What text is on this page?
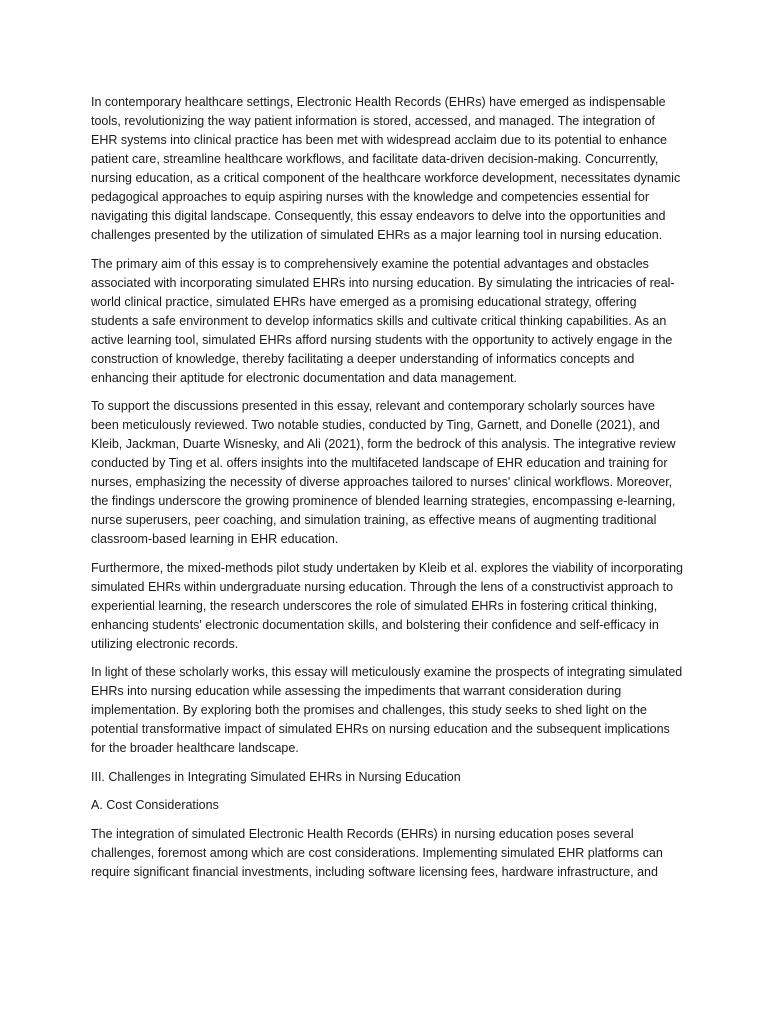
In contemporary healthcare settings, Electronic Health Records (EHRs) have emerged as indispensable tools, revolutionizing the way patient information is stored, accessed, and managed. The integration of EHR systems into clinical practice has been met with widespread acclaim due to its potential to enhance patient care, streamline healthcare workflows, and facilitate data-driven decision-making. Concurrently, nursing education, as a critical component of the healthcare workforce development, necessitates dynamic pedagogical approaches to equip aspiring nurses with the knowledge and competencies essential for navigating this digital landscape. Consequently, this essay endeavors to delve into the opportunities and challenges presented by the utilization of simulated EHRs as a major learning tool in nursing education.

The primary aim of this essay is to comprehensively examine the potential advantages and obstacles associated with incorporating simulated EHRs into nursing education. By simulating the intricacies of real-world clinical practice, simulated EHRs have emerged as a promising educational strategy, offering students a safe environment to develop informatics skills and cultivate critical thinking capabilities. As an active learning tool, simulated EHRs afford nursing students with the opportunity to actively engage in the construction of knowledge, thereby facilitating a deeper understanding of informatics concepts and enhancing their aptitude for electronic documentation and data management.

To support the discussions presented in this essay, relevant and contemporary scholarly sources have been meticulously reviewed. Two notable studies, conducted by Ting, Garnett, and Donelle (2021), and Kleib, Jackman, Duarte Wisnesky, and Ali (2021), form the bedrock of this analysis. The integrative review conducted by Ting et al. offers insights into the multifaceted landscape of EHR education and training for nurses, emphasizing the necessity of diverse approaches tailored to nurses' clinical workflows. Moreover, the findings underscore the growing prominence of blended learning strategies, encompassing e-learning, nurse superusers, peer coaching, and simulation training, as effective means of augmenting traditional classroom-based learning in EHR education.

Furthermore, the mixed-methods pilot study undertaken by Kleib et al. explores the viability of incorporating simulated EHRs within undergraduate nursing education. Through the lens of a constructivist approach to experiential learning, the research underscores the role of simulated EHRs in fostering critical thinking, enhancing students' electronic documentation skills, and bolstering their confidence and self-efficacy in utilizing electronic records.

In light of these scholarly works, this essay will meticulously examine the prospects of integrating simulated EHRs into nursing education while assessing the impediments that warrant consideration during implementation. By exploring both the promises and challenges, this study seeks to shed light on the potential transformative impact of simulated EHRs on nursing education and the subsequent implications for the broader healthcare landscape.

III. Challenges in Integrating Simulated EHRs in Nursing Education

A. Cost Considerations

The integration of simulated Electronic Health Records (EHRs) in nursing education poses several challenges, foremost among which are cost considerations. Implementing simulated EHR platforms can require significant financial investments, including software licensing fees, hardware infrastructure, and
